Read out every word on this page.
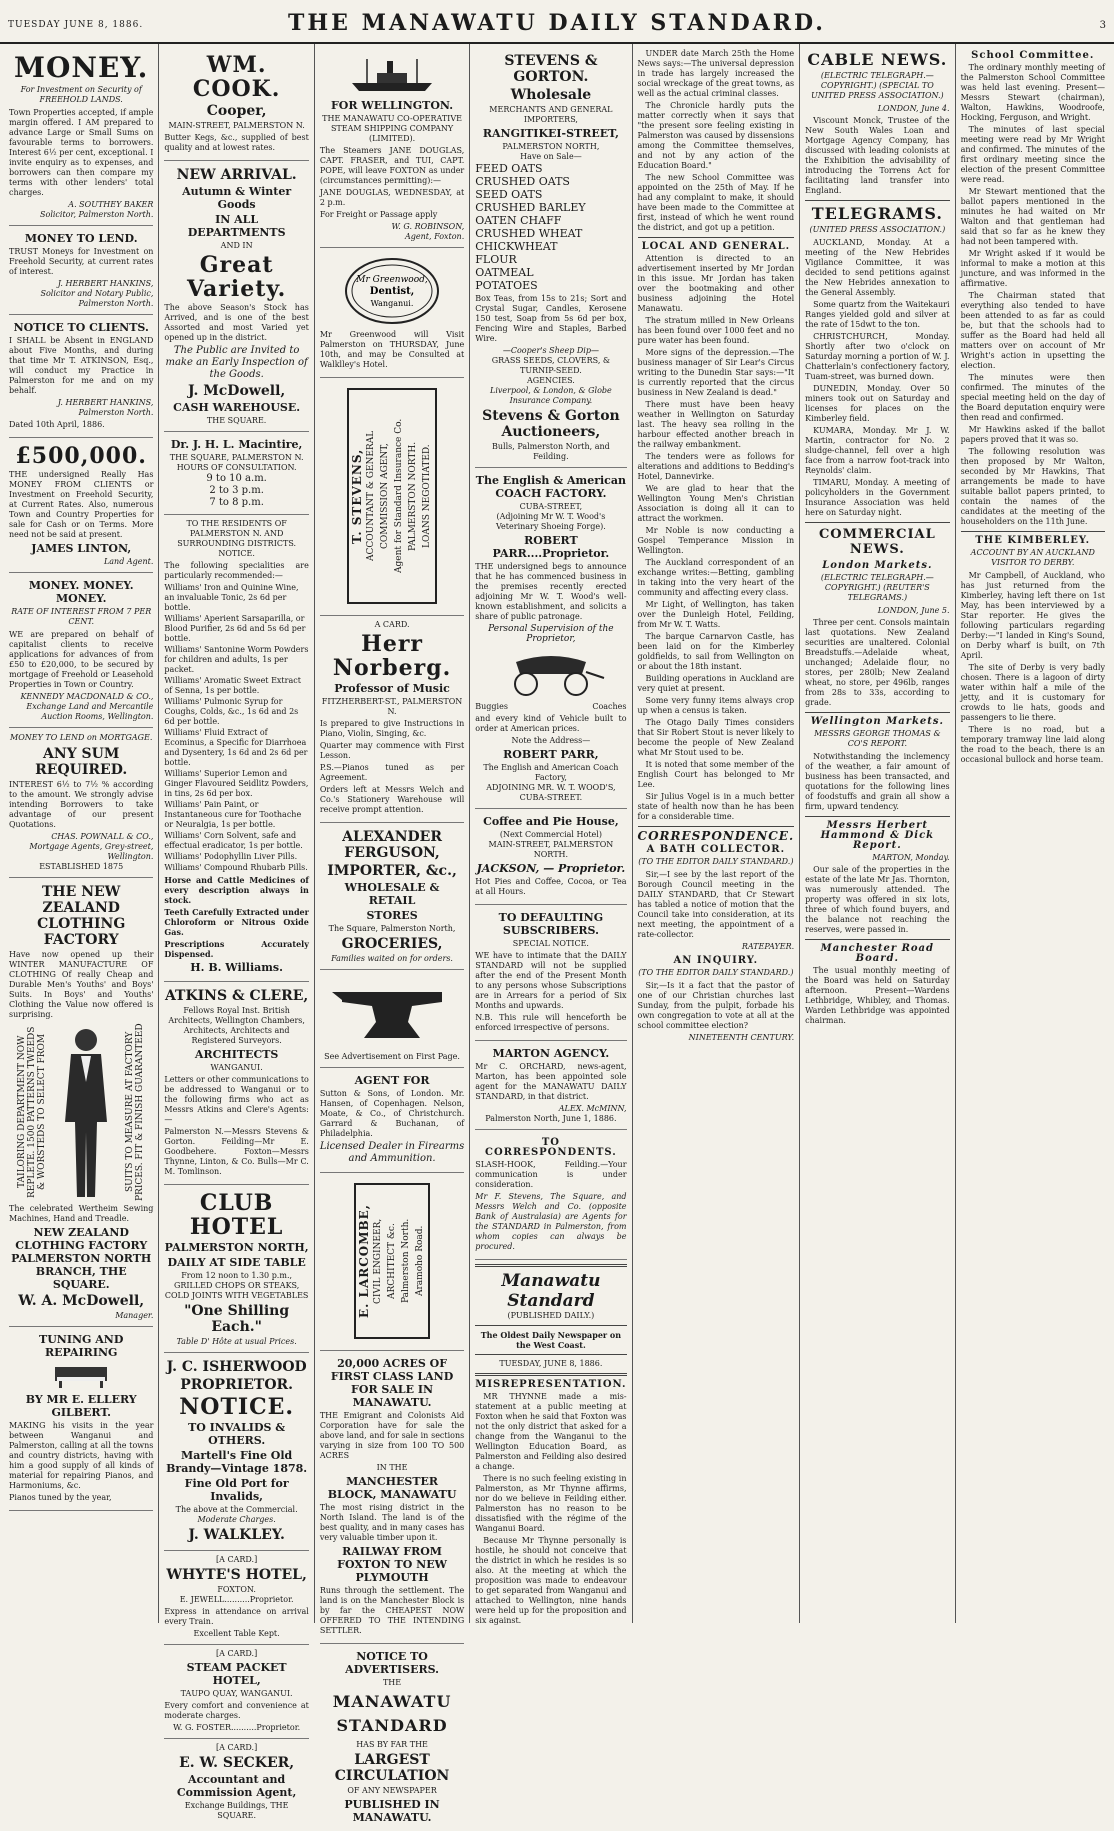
TUESDAY JUNE 8, 1886.	THE MANAWATU DAILY STANDARD.	3
MONEY.
For Investment on Security of FREEHOLD LANDS.

Town Properties accepted, if ample margin offered. I AM prepared to advance Large or Small Sums on favourable terms to borrowers. Interest 6½ per cent, exceptional. I invite enquiry as to expenses, and borrowers can then compare my terms with other lenders' total charges.

A. SOUTHEY BAKER
Solicitor, Palmerston North.
MONEY TO LEND.

TRUST Moneys for Investment on Freehold Security, at current rates of interest.

J. HERBERT HANKINS,
Solicitor and Notary Public, Palmerston North.
NOTICE TO CLIENTS.

I SHALL be Absent in ENGLAND about Five Months, and during that time Mr T. ATKINSON, Esq., will conduct my Practice in Palmerston for me and on my behalf.

J. HERBERT HANKINS,
Palmerston North.

Dated 10th April, 1886.

£500,000.

THE undersigned Really Has MONEY FROM CLIENTS or Investment on Freehold Security, at Current Rates. Also, numerous Town and Country Properties for sale for Cash or on Terms. More need not be said at present.

JAMES LINTON,
Land Agent.
MONEY. MONEY. MONEY.
RATE OF INTEREST FROM 7 PER CENT.

WE are prepared on behalf of capitalist clients to receive applications for advances of from £50 to £20,000, to be secured by mortgage of Freehold or Leasehold Properties in Town or Country.

KENNEDY MACDONALD & CO.,
Exchange Land and Mercantile Auction Rooms, Wellington.
MONEY TO LEND on MORTGAGE.
ANY SUM REQUIRED.

INTEREST 6½ to 7½ % according to the amount. We strongly advise intending Borrowers to take advantage of our present Quotations.

CHAS. POWNALL & CO.,
Mortgage Agents, Grey-street, Wellington.
ESTABLISHED 1875
THE NEW ZEALAND CLOTHING FACTORY

Have now opened up their WINTER MANUFACTURE OF CLOTHING Of really Cheap and Durable Men's Youths' and Boys' Suits. In Boys' and Youths' Clothing the Value now offered is surprising.

TAILORING DEPARTMENT NOW REPLETE. 1500 PATTERNS TWEEDS & WORSTEDS TO SELECT FROM	SUITS TO MEASURE AT FACTORY PRICES. FIT & FINISH GUARANTEED

The celebrated Wertheim Sewing Machines, Hand and Treadle.

NEW ZEALAND CLOTHING FACTORY PALMERSTON NORTH BRANCH, THE SQUARE.
W. A. McDowell,
Manager.
TUNING AND REPAIRING
BY MR E. ELLERY GILBERT.

MAKING his visits in the year between Wanganui and Palmerston, calling at all the towns and country districts, having with him a good supply of all kinds of material for repairing Pianos, and Harmoniums, &c.

Pianos tuned by the year,

WM. COOK.
Cooper,
MAIN-STREET, PALMERSTON N.

Butter Kegs, &c., supplied of best quality and at lowest rates.

NEW ARRIVAL.
Autumn & Winter Goods
IN ALL DEPARTMENTS
AND IN
Great Variety.

The above Season's Stock has Arrived, and is one of the best Assorted and most Varied yet opened up in the district.

The Public are Invited to make an Early Inspection of the Goods.

J. McDowell,
CASH WAREHOUSE.
THE SQUARE.
Dr. J. H. L. Macintire,
THE SQUARE, PALMERSTON N.
HOURS OF CONSULTATION.
9 to 10 a.m.
2 to 3 p.m.
7 to 8 p.m.
TO THE RESIDENTS OF PALMERSTON N. AND SURROUNDING DISTRICTS.
NOTICE.

The following specialities are particularly recommended:—

Williams' Iron and Quinine Wine, an invaluable Tonic, 2s 6d per bottle.
Williams' Aperient Sarsaparilla, or Blood Purifier, 2s 6d and 5s 6d per bottle.
Williams' Santonine Worm Powders for children and adults, 1s per packet.
Williams' Aromatic Sweet Extract of Senna, 1s per bottle.
Williams' Pulmonic Syrup for Coughs, Colds, &c., 1s 6d and 2s 6d per bottle.
Williams' Fluid Extract of Ecominus, a Specific for Diarrhoea and Dysentery, 1s 6d and 2s 6d per bottle.
Williams' Superior Lemon and Ginger Flavoured Seidlitz Powders, in tins, 2s 6d per box.
Williams' Pain Paint, or Instantaneous cure for Toothache or Neuralgia, 1s per bottle.
Williams' Corn Solvent, safe and effectual eradicator, 1s per bottle.
Williams' Podophyllin Liver Pills.
Williams' Compound Rhubarb Pills.

Horse and Cattle Medicines of every description always in stock.

Teeth Carefully Extracted under Chloroform or Nitrous Oxide Gas.

Prescriptions Accurately Dispensed.

H. B. Williams.
ATKINS & CLERE,
Fellows Royal Inst. British Architects, Wellington Chambers, Architects, Architects and Registered Surveyors.
ARCHITECTS
WANGANUI.

Letters or other communications to be addressed to Wanganui or to the following firms who act as Messrs Atkins and Clere's Agents:—

Palmerston N.—Messrs Stevens & Gorton. Feilding—Mr E. Goodbehere. Foxton—Messrs Thynne, Linton, & Co. Bulls—Mr C. M. Tomlinson.

CLUB HOTEL
PALMERSTON NORTH,
DAILY AT SIDE TABLE
From 12 noon to 1.30 p.m.,
GRILLED CHOPS OR STEAKS, COLD JOINTS WITH VEGETABLES
"One Shilling Each."
Table D' Hôte at usual Prices.
J. C. ISHERWOOD
PROPRIETOR.
NOTICE.
TO INVALIDS & OTHERS.
Martell's Fine Old Brandy—Vintage 1878.
Fine Old Port for Invalids,
The above at the Commercial.
Moderate Charges.
J. WALKLEY.
[A CARD.]
WHYTE'S HOTEL,
FOXTON.
E. JEWELL..........Proprietor.

Express in attendance on arrival every Train.

Excellent Table Kept.
[A CARD.]
STEAM PACKET HOTEL,
TAUPO QUAY, WANGANUI.

Every comfort and convenience at moderate charges.

W. G. FOSTER..........Proprietor.
[A CARD.]
E. W. SECKER,
Accountant and Commission Agent,
Exchange Buildings, THE SQUARE.
FOR WELLINGTON.
THE MANAWATU CO-OPERATIVE STEAM SHIPPING COMPANY
(LIMITED).

The Steamers JANE DOUGLAS, CAPT. FRASER, and TUI, CAPT. POPE, will leave FOXTON as under (circumstances permitting):—

JANE DOUGLAS, WEDNESDAY, at 2 p.m.

For Freight or Passage apply

W. G. ROBINSON,
Agent, Foxton.
Mr Greenwood,
Dentist,
Wanganui.

Mr Greenwood will Visit Palmerston on THURSDAY, June 10th, and may be Consulted at Walklley's Hotel.

T. STEVENS, ACCOUNTANT & GENERAL COMMISSION AGENT, Agent for Standard Insurance Co. PALMERSTON NORTH. LOANS NEGOTIATED.
A CARD.
Herr Norberg.
Professor of Music
FITZHERBERT-ST., PALMERSTON N.

Is prepared to give Instructions in Piano, Violin, Singing, &c.

Quarter may commence with First Lesson.

P.S.—Pianos tuned as per Agreement.

Orders left at Messrs Welch and Co.'s Stationery Warehouse will receive prompt attention.

ALEXANDER FERGUSON,
IMPORTER, &c.,
WHOLESALE & RETAIL
STORES
The Square, Palmerston North,
GROCERIES,
Families waited on for orders.
See Advertisement on First Page.
AGENT FOR

Sutton & Sons, of London. Mr. Hansen, of Copenhagen. Nelson, Moate, & Co., of Christchurch. Garrard & Buchanan, of Philadelphia.

Licensed Dealer in Firearms and Ammunition.

E. LARCOMBE, CIVIL ENGINEER, ARCHITECT &c. Palmerston North. Aramoho Road.
20,000 ACRES OF FIRST CLASS LAND FOR SALE IN MANAWATU.

THE Emigrant and Colonists Aid Corporation have for sale the above land, and for sale in sections varying in size from 100 TO 500 ACRES

IN THE
MANCHESTER BLOCK, MANAWATU

The most rising district in the North Island. The land is of the best quality, and in many cases has very valuable timber upon it.

RAILWAY FROM FOXTON TO NEW PLYMOUTH

Runs through the settlement. The land is on the Manchester Block is by far the CHEAPEST NOW OFFERED TO THE INTENDING SETTLER.

NOTICE TO ADVERTISERS.
THE
MANAWATU STANDARD
HAS BY FAR THE
LARGEST CIRCULATION
OF ANY NEWSPAPER
PUBLISHED IN MANAWATU.
STEVENS & GORTON.
Wholesale
MERCHANTS AND GENERAL IMPORTERS,
RANGITIKEI-STREET,
PALMERSTON NORTH,
Have on Sale—
FEED OATS
CRUSHED OATS
SEED OATS
CRUSHED BARLEY
OATEN CHAFF
CRUSHED WHEAT
CHICKWHEAT
FLOUR
OATMEAL
POTATOES

Box Teas, from 15s to 21s; Sort and Crystal Sugar, Candles, Kerosene 150 test, Soap from 5s 6d per box, Fencing Wire and Staples, Barbed Wire.

—Cooper's Sheep Dip—
GRASS SEEDS, CLOVERS, & TURNIP-SEED.
AGENCIES.
Liverpool, & London, & Globe Insurance Company.
Stevens & Gorton Auctioneers,
Bulls, Palmerston North, and Feilding.
The English & American COACH FACTORY.
CUBA-STREET,
(Adjoining Mr W. T. Wood's Veterinary Shoeing Forge).
ROBERT PARR....Proprietor.

THE undersigned begs to announce that he has commenced business in the premises recently erected adjoining Mr W. T. Wood's well-known establishment, and solicits a share of public patronage.

Personal Supervision of the Proprietor,

Buggies	Coaches

and every kind of Vehicle built to order at American prices.

Note the Address—
ROBERT PARR,
The English and American Coach Factory,
ADJOINING MR. W. T. WOOD'S, CUBA-STREET.
Coffee and Pie House,
(Next Commercial Hotel)
MAIN-STREET, PALMERSTON NORTH.
JACKSON, — Proprietor.

Hot Pies and Coffee, Cocoa, or Tea at all Hours.

TO DEFAULTING SUBSCRIBERS.
SPECIAL NOTICE.

WE have to intimate that the DAILY STANDARD will not be supplied after the end of the Present Month to any persons whose Subscriptions are in Arrears for a period of Six Months and upwards.

N.B. This rule will henceforth be enforced irrespective of persons.

MARTON AGENCY.

Mr C. ORCHARD, news-agent, Marton, has been appointed sole agent for the MANAWATU DAILY STANDARD, in that district.

ALEX. McMINN,
Palmerston North, June 1, 1886.
TO CORRESPONDENTS.

SLASH-HOOK, Feilding.—Your communication is under consideration.

Mr F. Stevens, The Square, and Messrs Welch and Co. (opposite Bank of Australasia) are Agents for the STANDARD in Palmerston, from whom copies can always be procured.

Manawatu Standard
(PUBLISHED DAILY.)
The Oldest Daily Newspaper on the West Coast.
TUESDAY, JUNE 8, 1886.
MISREPRESENTATION.

MR THYNNE made a mis-statement at a public meeting at Foxton when he said that Foxton was not the only district that asked for a change from the Wanganui to the Wellington Education Board, as Palmerston and Feilding also desired a change.

There is no such feeling existing in Palmerston, as Mr Thynne affirms, nor do we believe in Feilding either. Palmerston has no reason to be dissatisfied with the régime of the Wanganui Board.

Because Mr Thynne personally is hostile, he should not conceive that the district in which he resides is so also. At the meeting at which the proposition was made to endeavour to get separated from Wanganui and attached to Wellington, nine hands were held up for the proposition and six against.

UNDER date March 25th the Home News says:—The universal depression in trade has largely increased the social wreckage of the great towns, as well as the actual criminal classes.

The Chronicle hardly puts the matter correctly when it says that "the present sore feeling existing in Palmerston was caused by dissensions among the Committee themselves, and not by any action of the Education Board."

The new School Committee was appointed on the 25th of May. If he had any complaint to make, it should have been made to the Committee at first, instead of which he went round the district, and got up a petition.

LOCAL AND GENERAL.

Attention is directed to an advertisement inserted by Mr Jordan in this issue. Mr Jordan has taken over the bootmaking and other business adjoining the Hotel Manawatu.

The stratum milled in New Orleans has been found over 1000 feet and no pure water has been found.

More signs of the depression.—The business manager of Sir Lear's Circus writing to the Dunedin Star says:—"It is currently reported that the circus business in New Zealand is dead."

There must have been heavy weather in Wellington on Saturday last. The heavy sea rolling in the harbour effected another breach in the railway embankment.

The tenders were as follows for alterations and additions to Bedding's Hotel, Dannevirke.

We are glad to hear that the Wellington Young Men's Christian Association is doing all it can to attract the workmen.

Mr Noble is now conducting a Gospel Temperance Mission in Wellington.

The Auckland correspondent of an exchange writes:—Betting, gambling in taking into the very heart of the community and affecting every class.

Mr Light, of Wellington, has taken over the Dunleigh Hotel, Feilding, from Mr W. T. Watts.

The barque Carnarvon Castle, has been laid on for the Kimberley goldfields, to sail from Wellington on or about the 18th instant.

Building operations in Auckland are very quiet at present.

Some very funny items always crop up when a census is taken.

The Otago Daily Times considers that Sir Robert Stout is never likely to become the people of New Zealand what Mr Stout used to be.

It is noted that some member of the English Court has belonged to Mr Lee.

Sir Julius Vogel is in a much better state of health now than he has been for a considerable time.

CORRESPONDENCE.
A BATH COLLECTOR.
(TO THE EDITOR DAILY STANDARD.)

Sir,—I see by the last report of the Borough Council meeting in the DAILY STANDARD, that Cr Stewart has tabled a notice of motion that the Council take into consideration, at its next meeting, the appointment of a rate-collector.

RATEPAYER.
AN INQUIRY.
(TO THE EDITOR DAILY STANDARD.)

Sir,—Is it a fact that the pastor of one of our Christian churches last Sunday, from the pulpit, forbade his own congregation to vote at all at the school committee election?

NINETEENTH CENTURY.
CABLE NEWS.
(ELECTRIC TELEGRAPH.—COPYRIGHT.) (SPECIAL TO UNITED PRESS ASSOCIATION.)
LONDON, June 4.

Viscount Monck, Trustee of the New South Wales Loan and Mortgage Agency Company, has discussed with leading colonists at the Exhibition the advisability of introducing the Torrens Act for facilitating land transfer into England.

TELEGRAMS.
(UNITED PRESS ASSOCIATION.)

AUCKLAND, Monday. At a meeting of the New Hebrides Vigilance Committee, it was decided to send petitions against the New Hebrides annexation to the General Assembly.

Some quartz from the Waitekauri Ranges yielded gold and silver at the rate of 15dwt to the ton.

CHRISTCHURCH, Monday. Shortly after two o'clock on Saturday morning a portion of W. J. Chatterlain's confectionery factory, Tuam-street, was burned down.

DUNEDIN, Monday. Over 50 miners took out on Saturday and licenses for places on the Kimberley field.

KUMARA, Monday. Mr J. W. Martin, contractor for No. 2 sludge-channel, fell over a high face from a narrow foot-track into Reynolds' claim.

TIMARU, Monday. A meeting of policyholders in the Government Insurance Association was held here on Saturday night.

COMMERCIAL NEWS.
London Markets.
(ELECTRIC TELEGRAPH.—COPYRIGHT.) (REUTER'S TELEGRAMS.)
LONDON, June 5.

Three per cent. Consols maintain last quotations. New Zealand securities are unaltered. Colonial Breadstuffs.—Adelaide wheat, unchanged; Adelaide flour, no stores, per 280lb; New Zealand wheat, no store, per 496lb, ranges from 28s to 33s, according to grade.

Wellington Markets.
MESSRS GEORGE THOMAS & CO'S REPORT.

Notwithstanding the inclemency of the weather, a fair amount of business has been transacted, and quotations for the following lines of foodstuffs and grain all show a firm, upward tendency.

Messrs Herbert Hammond & Dick Report.
MARTON, Monday.

Our sale of the properties in the estate of the late Mr Jas. Thornton, was numerously attended. The property was offered in six lots, three of which found buyers, and the balance not reaching the reserves, were passed in.

Manchester Road Board.

The usual monthly meeting of the Board was held on Saturday afternoon. Present—Wardens Lethbridge, Whibley, and Thomas. Warden Lethbridge was appointed chairman.

School Committee.

The ordinary monthly meeting of the Palmerston School Committee was held last evening. Present—Messrs Stewart (chairman), Walton, Hawkins, Woodroofe, Hocking, Ferguson, and Wright.

The minutes of last special meeting were read by Mr Wright and confirmed. The minutes of the first ordinary meeting since the election of the present Committee were read.

Mr Stewart mentioned that the ballot papers mentioned in the minutes he had waited on Mr Walton and that gentleman had said that so far as he knew they had not been tampered with.

Mr Wright asked if it would be informal to make a motion at this juncture, and was informed in the affirmative.

The Chairman stated that everything also tended to have been attended to as far as could be, but that the schools had to suffer as the Board had held all matters over on account of Mr Wright's action in upsetting the election.

The minutes were then confirmed. The minutes of the special meeting held on the day of the Board deputation enquiry were then read and confirmed.

Mr Hawkins asked if the ballot papers proved that it was so.

The following resolution was then proposed by Mr Walton, seconded by Mr Hawkins, That arrangements be made to have suitable ballot papers printed, to contain the names of the candidates at the meeting of the householders on the 11th June.

THE KIMBERLEY.
ACCOUNT BY AN AUCKLAND VISITOR TO DERBY.

Mr Campbell, of Auckland, who has just returned from the Kimberley, having left there on 1st May, has been interviewed by a Star reporter. He gives the following particulars regarding Derby:—"I landed in King's Sound, on Derby wharf is built, on 7th April.

The site of Derby is very badly chosen. There is a lagoon of dirty water within half a mile of the jetty, and it is customary for crowds to lie hats, goods and passengers to lie there.

There is no road, but a temporary tramway line laid along the road to the beach, there is an occasional bullock and horse team.
